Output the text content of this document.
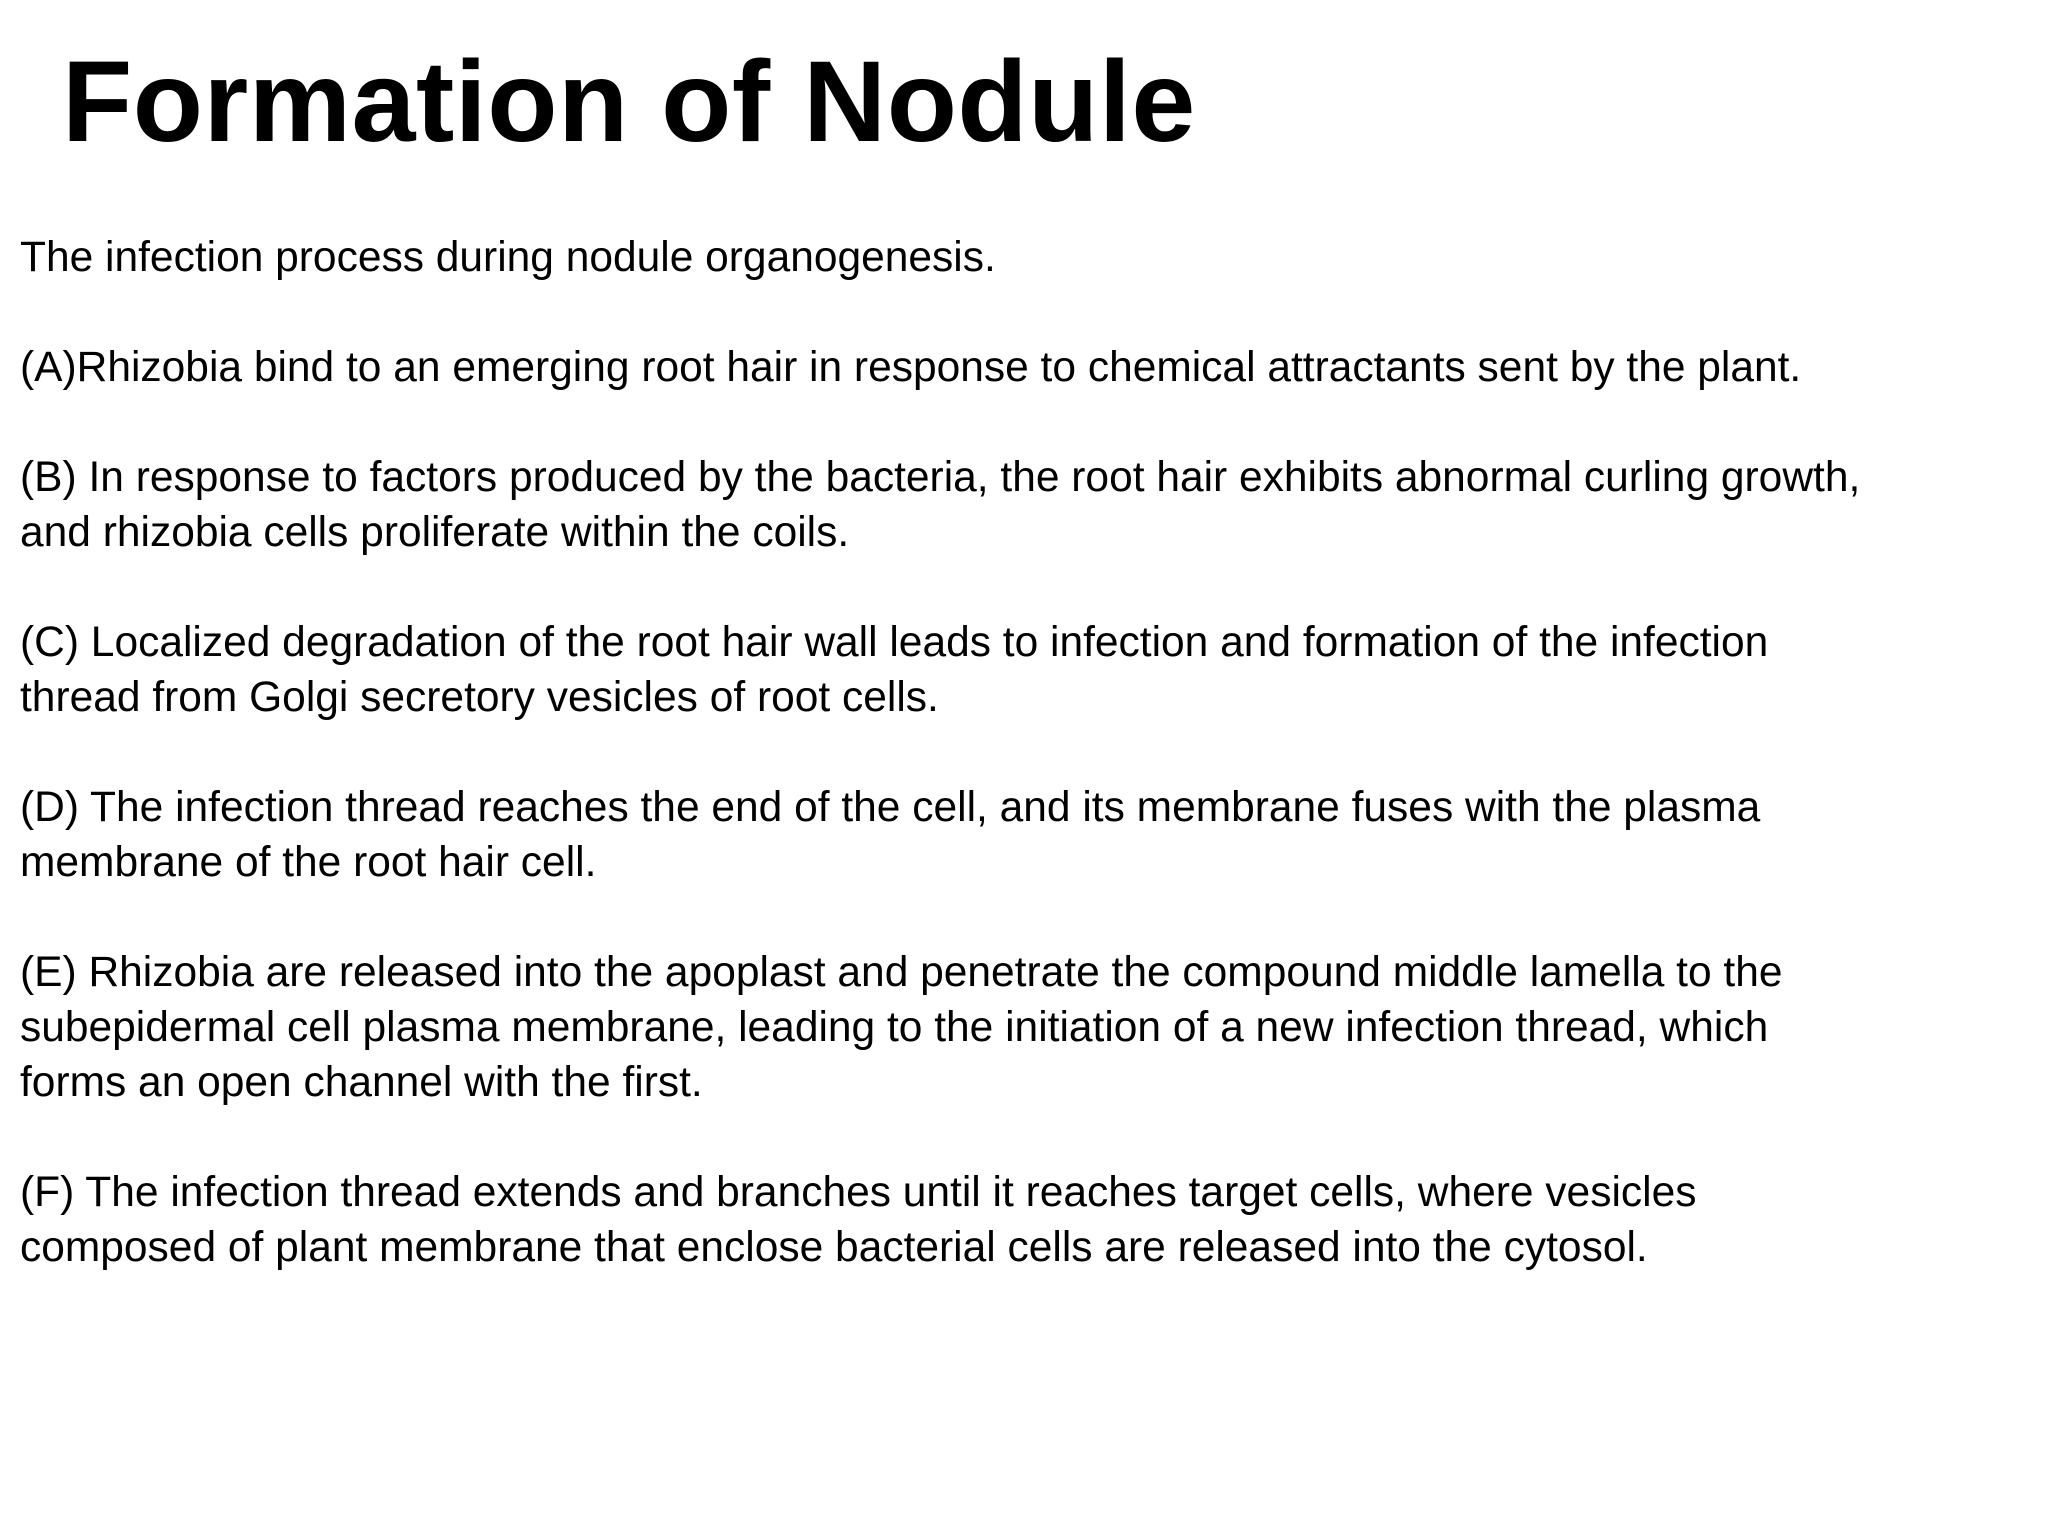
Formation of Nodule

The infection process during nodule organogenesis.

(A)Rhizobia bind to an emerging root hair in response to chemical attractants sent by the plant.

(B) In response to factors produced by the bacteria, the root hair exhibits abnormal curling growth,
and rhizobia cells proliferate within the coils.

(C) Localized degradation of the root hair wall leads to infection and formation of the infection
thread from Golgi secretory vesicles of root cells.

(D) The infection thread reaches the end of the cell, and its membrane fuses with the plasma
membrane of the root hair cell.

(E) Rhizobia are released into the apoplast and penetrate the compound middle lamella to the
subepidermal cell plasma membrane, leading to the initiation of a new infection thread, which
forms an open channel with the first.

(F) The infection thread extends and branches until it reaches target cells, where vesicles
composed of plant membrane that enclose bacterial cells are released into the cytosol.
